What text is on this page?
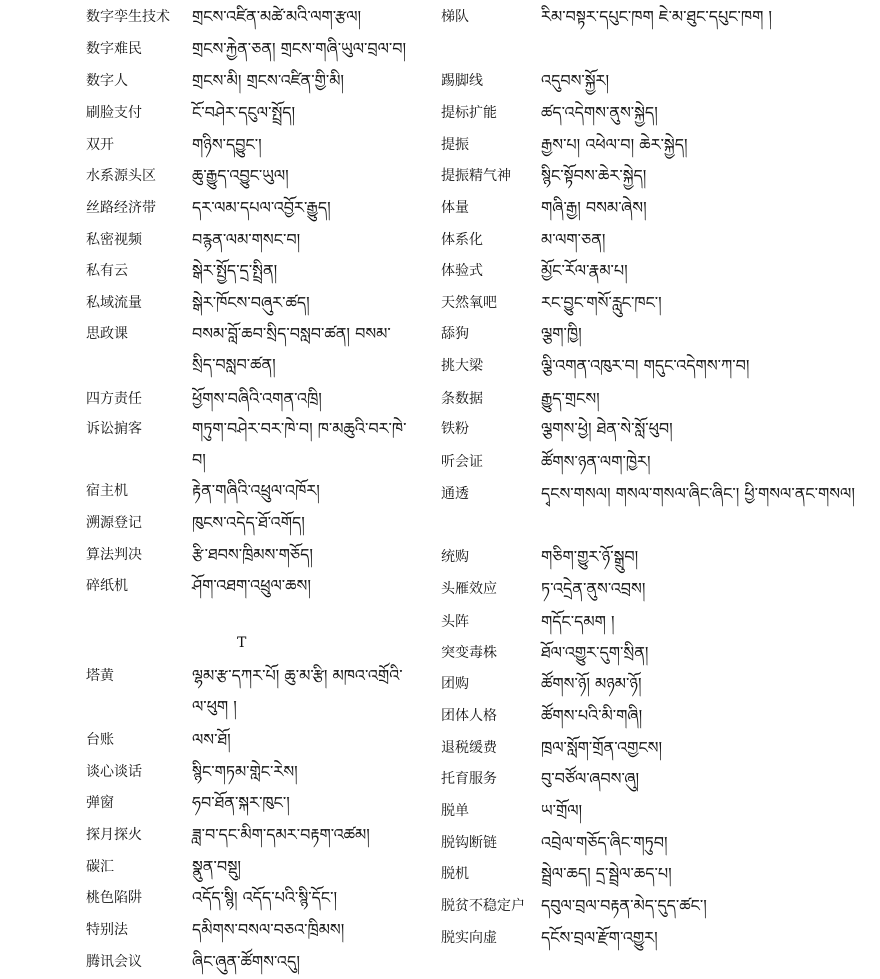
数字孪生技术 གྲངས་འཛིན་མཚེ་མའི་ལག་རྩལ།
数字难民	གྲངས་རྐྱེན་ཅན། གྲངས་གཞི་ཡུལ་བྲལ་བ།
数字人	གྲངས་མི། གྲངས་འཛིན་གྱི་མི།
刷脸支付	ངོ་བཤེར་དངུལ་སྤྲོད།
双开	གཉིས་དབྱུང་།
水系源头区 ཆུ་རྒྱུད་འབྱུང་ཡུལ།
丝路经济带 དར་ལམ་དཔལ་འབྱོར་རྒྱུད།
私密视频	བརྙན་ལམ་གསང་བ།
私有云	སྒེར་སྤྱོད་དྲ་སྤྲིན།
私域流量	སྒེར་ཁོངས་བཞུར་ཚད།
思政课	བསམ་བློ་ཆབ་སྲིད་བསླབ་ཚན། བསམ་སྲིད་བསླབ་ཚན།
四方责任	ཕྱོགས་བཞིའི་འགན་འཁྲི།
诉讼掮客	གཏུག་བཤེར་བར་ཁེ་བ། ཁ་མཆུའི་བར་ཁེ་བ།
宿主机	རྟེན་གཞིའི་འཕྲུལ་འཁོར།
溯源登记	ཁུངས་འདེད་ཐོ་འགོད།
算法判决	རྩི་ཐབས་ཁྲིམས་གཅོད།
碎纸机	ཤོག་འཐག་འཕྲུལ་ཆས།
塔黄	ལྷམ་རྩ་དཀར་པོ། ཆུ་མ་རྩི། མཁའ་འགྲོའི་ལ་ཕུག །
台账	ལས་ཐོ།
谈心谈话	སྙིང་གཏམ་གླེང་རེས།
弹窗	ཧབ་ཐོན་སྐར་ཁུང་།
探月探火	ཟླ་བ་དང་མིག་དམར་བརྟག་འཚམ།
碳汇	སྣུན་བསྡུ།
桃色陷阱	འདོད་སྙི། འདོད་པའི་སྙི་དོང་།
特别法	དམིགས་བསལ་བཅའ་ཁྲིམས།
腾讯会议	ཞིང་ཞུན་ཚོགས་འདུ།
T
梯队	རིམ་བསྟར་དཔུང་ཁག ཇེ་མ་ཐུང་དཔུང་ཁག །
踢脚线	འདུབས་སྐྱོར།
提标扩能	ཚད་འདེགས་ནུས་སྐྱེད།
提振	རྒྱས་པ། འཕེལ་བ། ཆེར་སྐྱེད།
提振精气神 སྙིང་སྟོབས་ཆེར་སྐྱེད།
体量	གཞི་རྒྱ། བསམ་ཞེས།
体系化	མ་ལག་ཅན།
体验式	མྱོང་རོལ་རྣམ་པ།
天然氧吧	རང་བྱུང་གསོ་རླུང་ཁང་།
舔狗	ལྕག་ཁྱི།
挑大梁	ལྕི་འགན་འཁུར་བ། གདུང་འདེགས་ཀ་བ།
条数据	རྒྱུད་གྲངས།
铁粉	ལྕགས་ཕྱེ། ཐེན་སེ་སློ་ཕུབ།
听会证	ཚོགས་ཉན་ལག་ཁྱེར།
通透	དྭངས་གསལ། གསལ་གསལ་ཞིང་ཞིང་། ཕྱི་གསལ་ནང་གསལ།
统购	གཅིག་གྱུར་ཉོ་སྒྲུབ།
头雁效应	ཏ་འདྲེན་ནུས་འབྲས།
头阵	གདོང་དམག །
突变毒株	ཐོལ་འགྱུར་དུག་སྲིན།
团购	ཚོགས་ཉོ། མཉམ་ཉོ།
团体人格	ཚོགས་པའི་མི་གཞི།
退税缓费	ཁྲལ་སློག་གྲོན་འགྱངས།
托育服务	བུ་བཙོལ་ཞབས་ཞུ།
脱单	ཡ་གྲོལ།
脱钩断链	འབྲེལ་གཅོད་ཞིང་གཏུབ།
脱机	སྦྲེལ་ཆད། དྲ་སྦྲེལ་ཆད་པ།
脱贫不稳定户 དབུལ་བྲལ་བརྟན་མེད་དུད་ཚང་།
脱实向虚	དངོས་བྲལ་རྫོག་འགྱུར།
